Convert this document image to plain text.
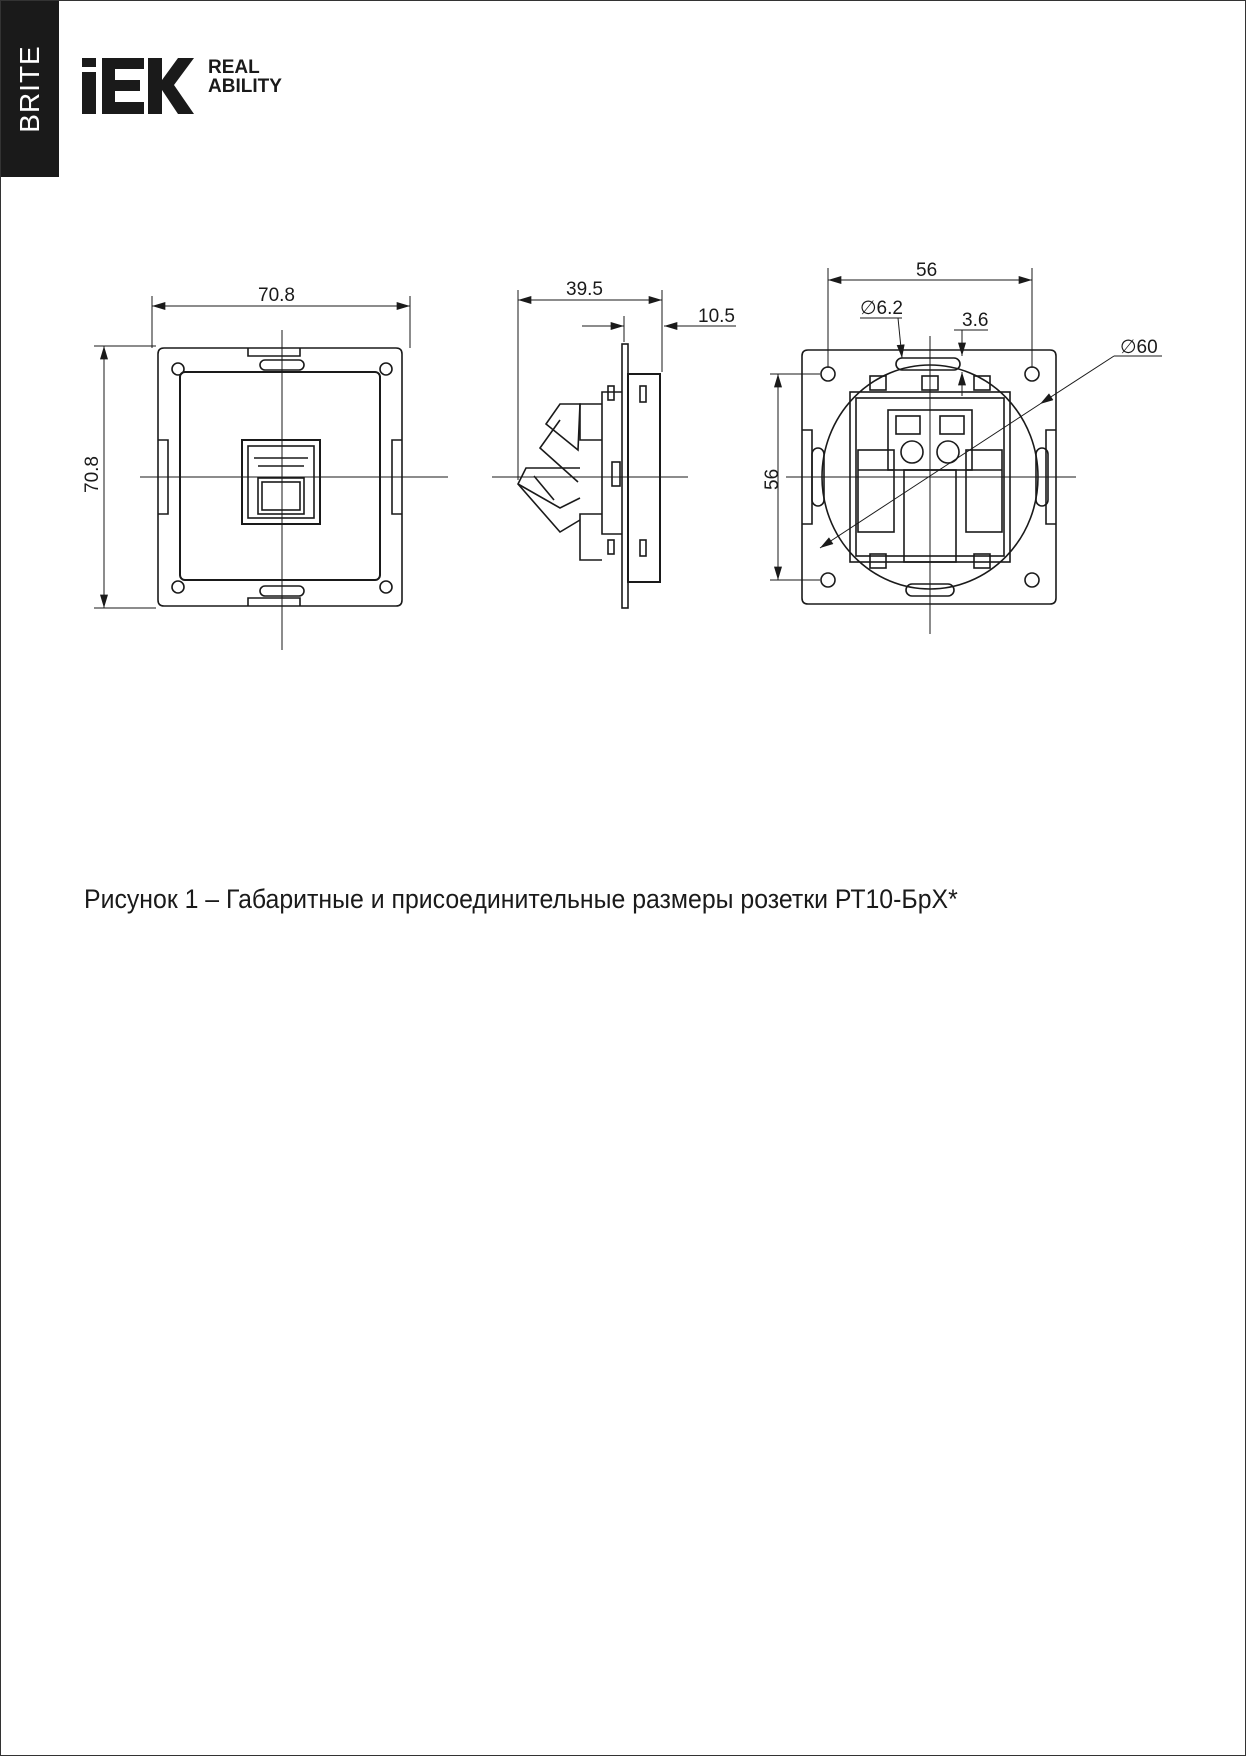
BRITE	REAL
ABILITY
70.8
70.8
39.5
10.5
56
56
∅6.2
3.6
∅60
Рисунок 1 – Габаритные и присоединительные размеры розетки РТ10-БрХ*
